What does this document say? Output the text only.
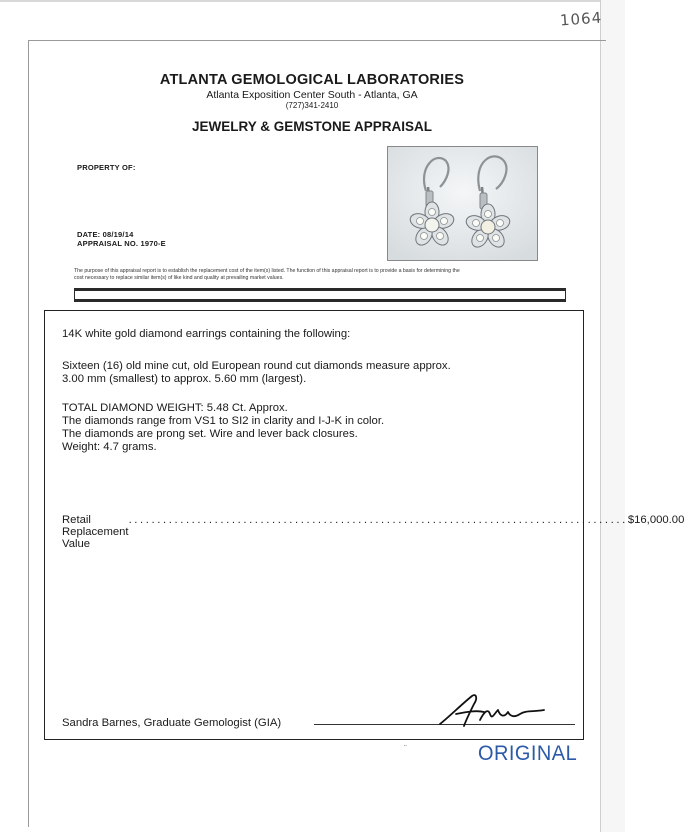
1064
ATLANTA GEMOLOGICAL LABORATORIES
Atlanta Exposition Center South - Atlanta, GA
(727)341-2410
JEWELRY & GEMSTONE APPRAISAL
PROPERTY OF:
DATE: 08/19/14
APPRAISAL NO. 1970-E
The purpose of this appraisal report is to establish the replacement cost of the item(s) listed. The function of this appraisal report is to provide a basis for determining the
cost necessary to replace similar item(s) of like kind and quality at prevailing market values.
14K white gold diamond earrings containing the following:
Sixteen (16) old mine cut, old European round cut diamonds measure approx.
3.00 mm (smallest) to approx. 5.60 mm (largest).
TOTAL DIAMOND WEIGHT: 5.48 Ct. Approx.
The diamonds range from VS1 to SI2 in clarity and I-J-K in color.
The diamonds are prong set. Wire and lever back closures.
Weight: 4.7 grams.
Retail Replacement Value
....................................................................................... $16,000.00
Sandra Barnes, Graduate Gemologist (GIA)
¨	ORIGINAL
